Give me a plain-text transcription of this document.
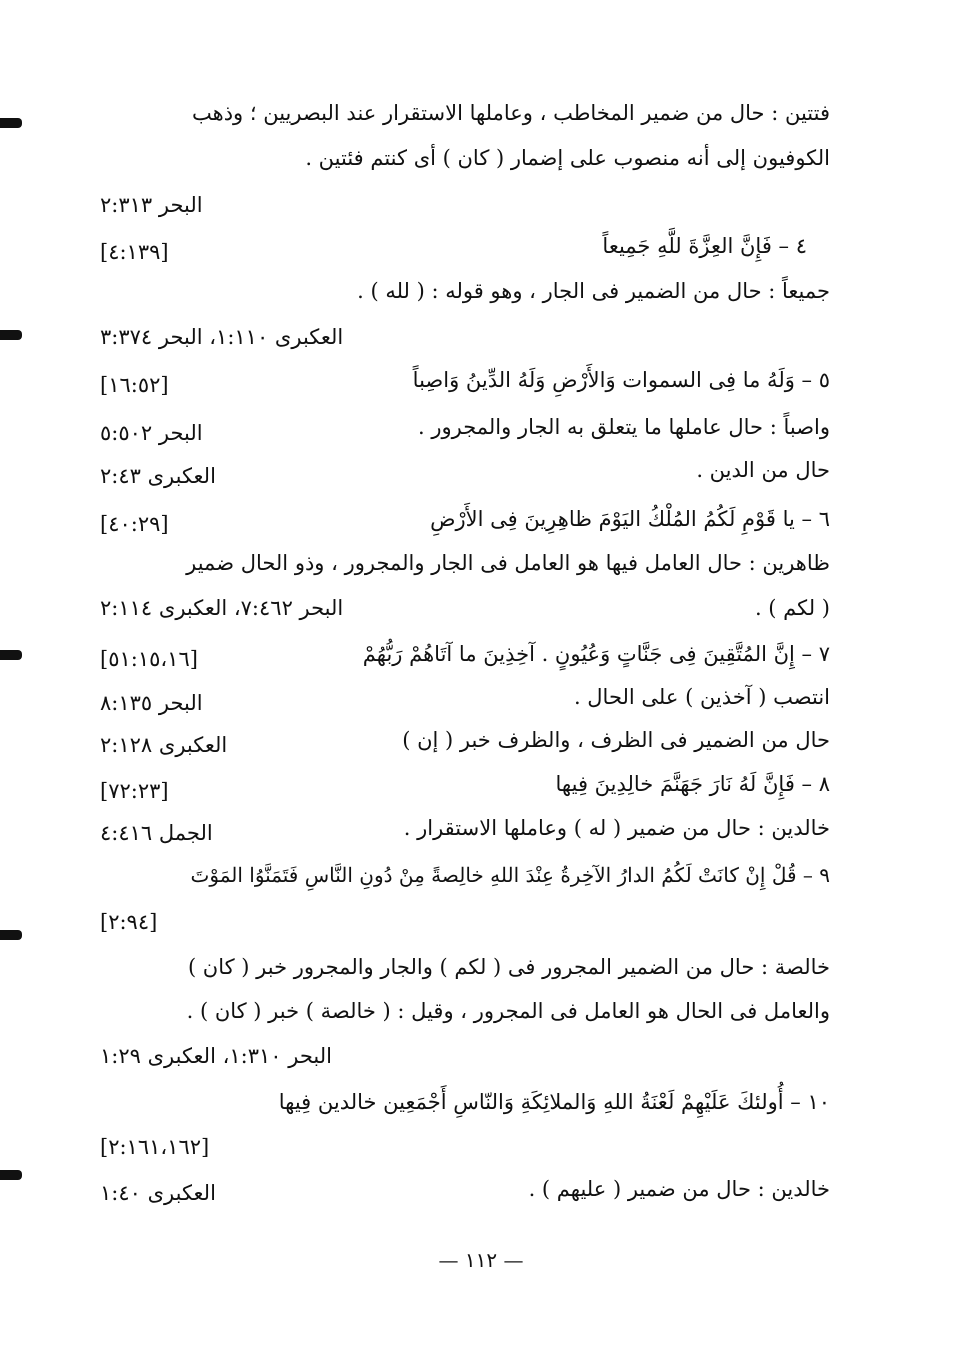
فتتين : حال من ضمير المخاطب ، وعاملها الاستقرار عند البصريين ؛ وذهب
الكوفيون إلى أنه منصوب على إضمار ( كان ) أى كنتم فئتين .
البحر ٢:٣١٣
٤ – فَإِنَّ العِزَّةَ للَّهِ جَمِيعاً
[٤:١٣٩]
جميعاً : حال من الضمير فى الجار ، وهو قوله : ( لله ) .
العكبرى ١:١١٠، البحر ٣:٣٧٤
٥ – وَلَهُ ما فِى السموات وَالأَرْضِ وَلَهُ الدِّينُ وَاصِباً
[١٦:٥٢]
واصباً : حال عاملها ما يتعلق به الجار والمجرور .
البحر ٥:٥٠٢
حال من الدين .
العكبرى ٢:٤٣
٦ – يا قَوْمِ لَكُمُ المُلْكُ اليَوْمَ ظاهِرِينَ فِى الأَرْضِ
[٤٠:٢٩]
ظاهرين : حال العامل فيها هو العامل فى الجار والمجرور ، وذو الحال ضمير
( لكم ) .
البحر ٧:٤٦٢، العكبرى ٢:١١٤
٧ – إِنَّ المُتَّقِينَ فِى جَنَّاتٍ وَعُيُونٍ . آخِذِينَ ما آتَاهُمْ رَبُّهُمْ
[٥١:١٥،١٦]
انتصب ( آخذين ) على الحال .
البحر ٨:١٣٥
حال من الضمير فى الظرف ، والظرف خبر ( إن )
العكبرى ٢:١٢٨
٨ – فَإِنَّ لَهُ نَارَ جَهَنَّمَ خالِدِينَ فِيها
[٧٢:٢٣]
خالدين : حال من ضمير ( له ) وعاملها الاستقرار .
الجمل ٤:٤١٦
٩ – قُلْ إِنْ كانَتْ لَكُمُ الدارُ الآخِرةُ عِنْدَ اللهِ خالِصةً مِنْ دُونِ النَّاسِ فَتَمَنَّوُا المَوْتَ
[٢:٩٤]
خالصة : حال من الضمير المجرور فى ( لكم ) والجار والمجرور خبر ( كان )
والعامل فى الحال هو العامل فى المجرور ، وقيل : ( خالصة ) خبر ( كان ) .
البحر ١:٣١٠، العكبرى ١:٢٩
١٠ – أُولئكَ عَلَيْهِمْ لَعْنَةُ اللهِ وَالملائِكَةِ وَالنّاسِ أَجْمَعِين خالدين فِيها
[٢:١٦١،١٦٢]
خالدين : حال من ضمير ( عليهم ) .
العكبرى ١:٤٠
— ١١٢ —
